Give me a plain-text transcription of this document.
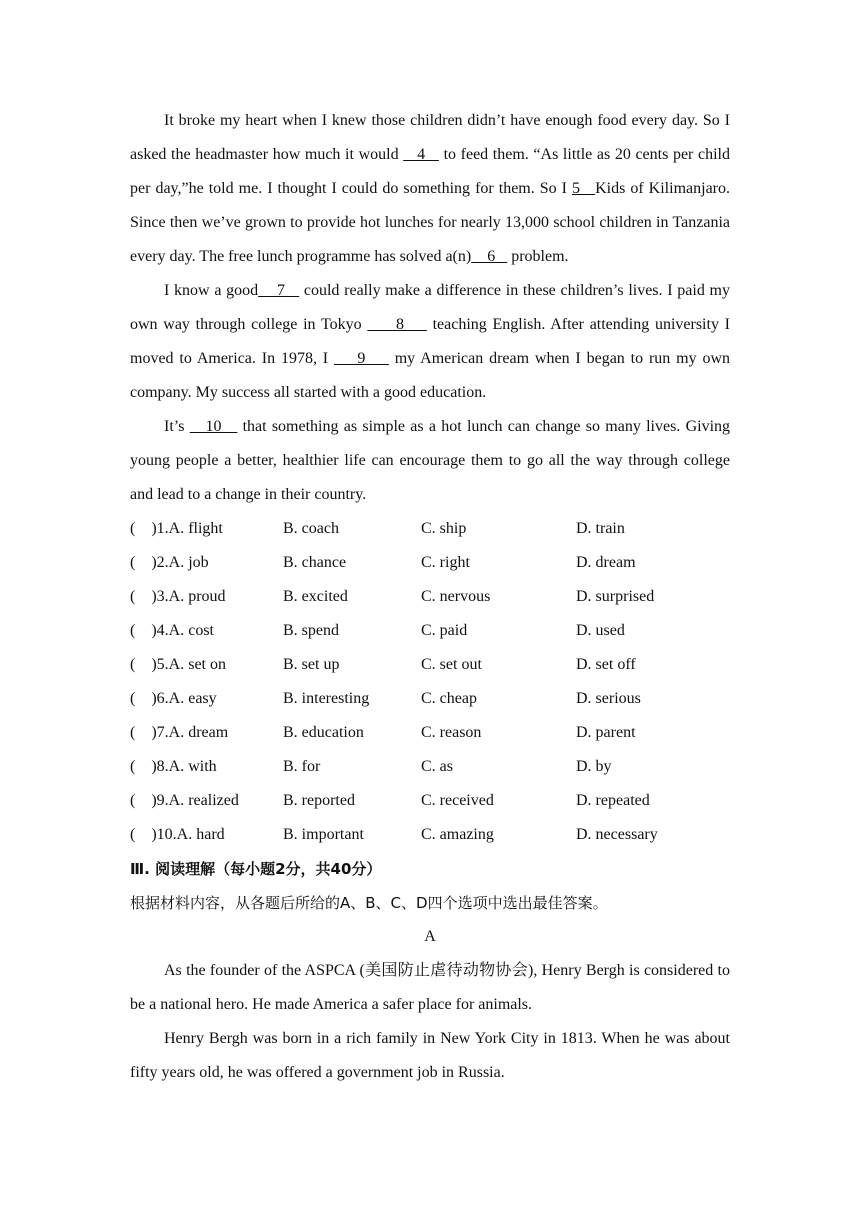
It broke my heart when I knew those children didn’t have enough food every day. So I asked the headmaster how much it would    4    to feed them. “As little as 20 cents per child per day,”he told me. I thought I could do something for them. So I 5   Kids of Kilimanjaro. Since then we’ve grown to provide hot lunches for nearly 13,000 school children in Tanzania every day. The free lunch programme has solved a(n)    6    problem.

I know a good    7    could really make a difference in these children’s lives. I paid my own way through college in Tokyo      8     teaching English. After attending university I moved to America. In 1978, I     9     my American dream when I began to run my own company. My success all started with a good education.

It’s    10    that something as simple as a hot lunch can change so many lives. Giving young people a better, healthier life can encourage them to go all the way through college and lead to a change in their country.

(    )1.A. flight	B. coach	C. ship	D. train
(    )2.A. job	B. chance	C. right	D. dream
(    )3.A. proud	B. excited	C. nervous	D. surprised
(    )4.A. cost	B. spend	C. paid	D. used
(    )5.A. set on	B. set up	C. set out	D. set off
(    )6.A. easy	B. interesting	C. cheap	D. serious
(    )7.A. dream	B. education	C. reason	D. parent
(    )8.A. with	B. for	C. as	D. by
(    )9.A. realized	B. reported	C. received	D. repeated
(    )10.A. hard	B. important	C. amazing	D. necessary
Ⅲ. 阅读理解（每小题2分，共40分）
根据材料内容，从各题后所给的A、B、C、D四个选项中选出最佳答案。
A

As the founder of the ASPCA (美国防止虐待动物协会), Henry Bergh is considered to be a national hero. He made America a safer place for animals.

Henry Bergh was born in a rich family in New York City in 1813. When he was about fifty years old, he was offered a government job in Russia.
